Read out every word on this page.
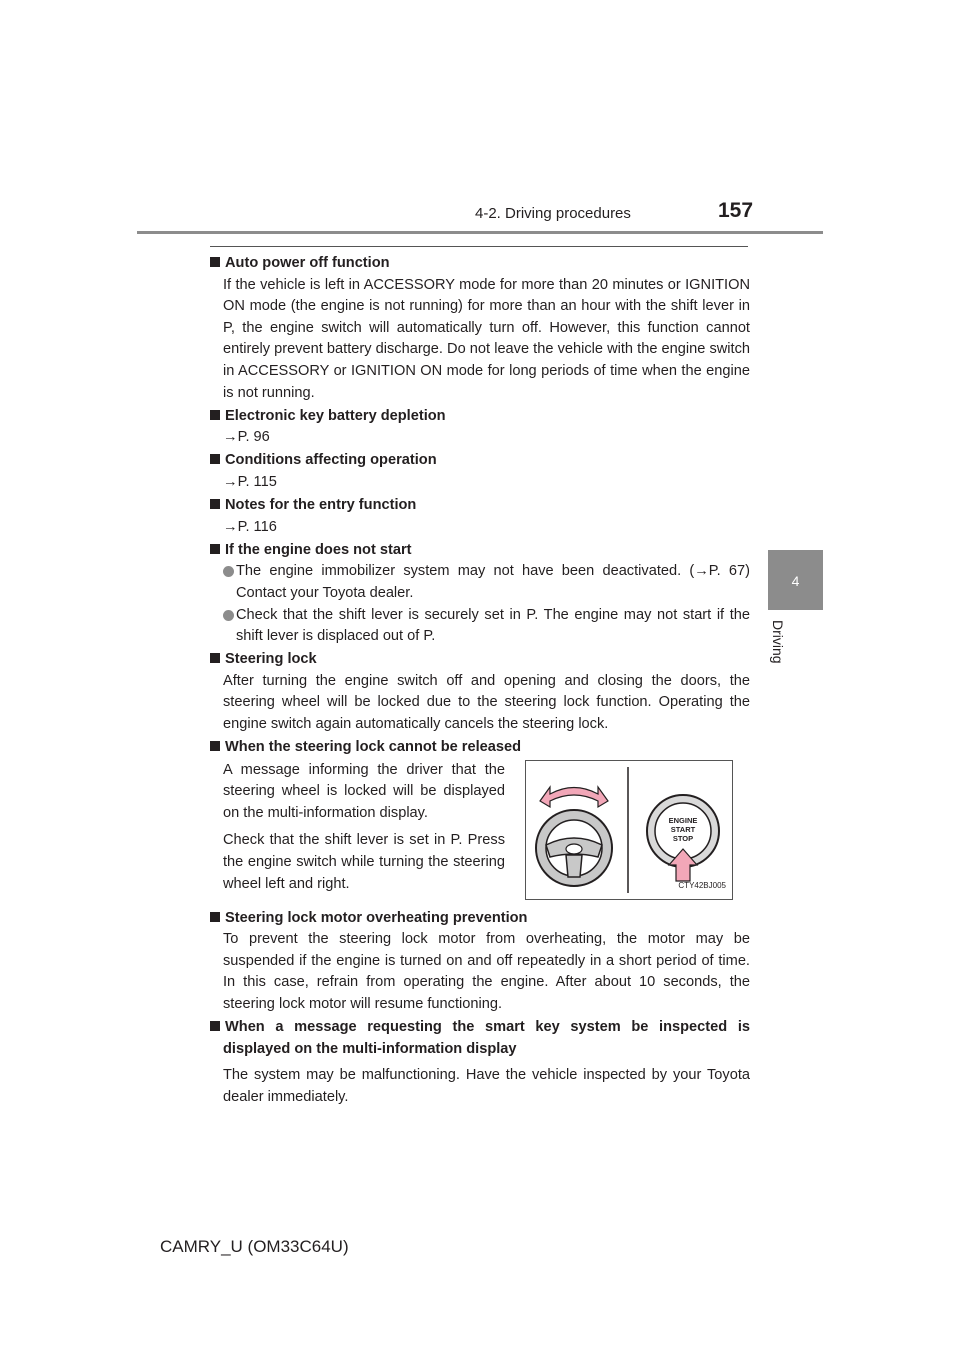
4-2. Driving procedures	157
4
Driving

Auto power off function

If the vehicle is left in ACCESSORY mode for more than 20 minutes or IGNITION ON mode (the engine is not running) for more than an hour with the shift lever in P, the engine switch will automatically turn off. However, this function cannot entirely prevent battery discharge. Do not leave the vehicle with the engine switch in ACCESSORY or IGNITION ON mode for long periods of time when the engine is not running.

Electronic key battery depletion

→P. 96

Conditions affecting operation

→P. 115

Notes for the entry function

→P. 116

If the engine does not start

The engine immobilizer system may not have been deactivated. (→P. 67) Contact your Toyota dealer.

Check that the shift lever is securely set in P. The engine may not start if the shift lever is displaced out of P.

Steering lock

After turning the engine switch off and opening and closing the doors, the steering wheel will be locked due to the steering lock function. Operating the engine switch again automatically cancels the steering lock.

When the steering lock cannot be released

A message informing the driver that the steering wheel is locked will be displayed on the multi-information display.

Check that the shift lever is set in P. Press the engine switch while turning the steering wheel left and right.

ENGINE
START
STOP
CTY42BJ005

Steering lock motor overheating prevention

To prevent the steering lock motor from overheating, the motor may be suspended if the engine is turned on and off repeatedly in a short period of time. In this case, refrain from operating the engine. After about 10 seconds, the steering lock motor will resume functioning.

When a message requesting the smart key system be inspected is displayed on the multi-information display

The system may be malfunctioning. Have the vehicle inspected by your Toyota dealer immediately.

CAMRY_U (OM33C64U)
